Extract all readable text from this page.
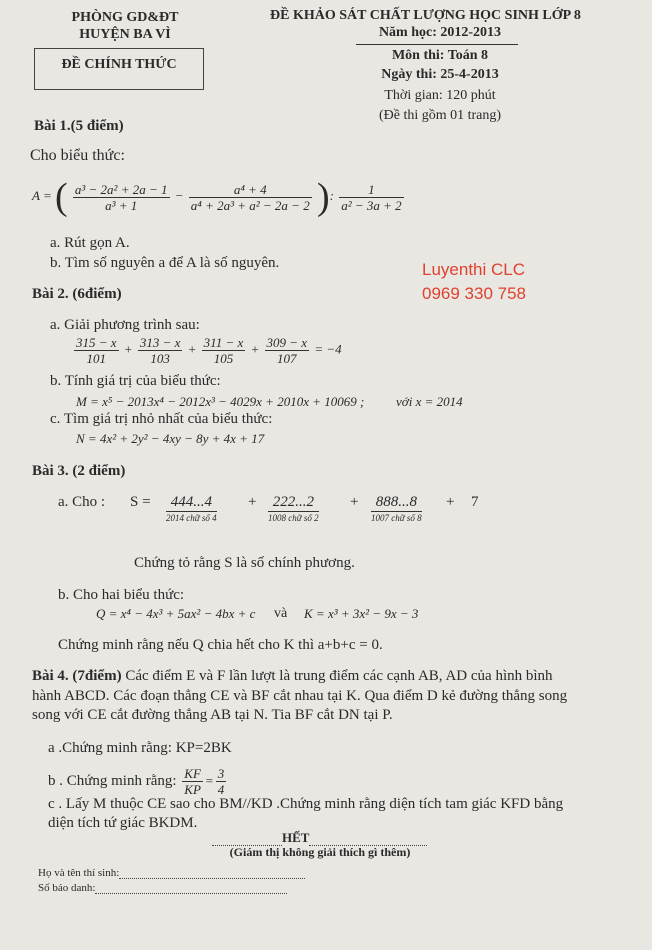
PHÒNG GD&ĐT
HUYỆN BA VÌ
ĐỀ CHÍNH THỨC
ĐỀ KHẢO SÁT CHẤT LƯỢNG HỌC SINH LỚP 8
Năm học: 2012-2013
Môn thi: Toán 8
Ngày thi: 25-4-2013
Thời gian: 120 phút
(Đề thi gồm 01 trang)
Bài 1.(5 điểm)
Cho biểu thức:
A = ( $\frac{\text{a³ − 2a² + 2a − 1}}{\text{a³ + 1}} - \frac{\text{a⁴ + 4}}{\text{a⁴ + 2a³ + a² − 2a − 2}}$ ): $\frac{1}{\text{a² − 3a + 2}}$
a. Rút gọn A.
b. Tìm số nguyên a để A là số nguyên.	Luyenthi CLC
0969 330 758
Bài 2. (6điểm)
a. Giải phương trình sau:
$\frac{315 - x}{101} + \frac{313 - x}{103} + \frac{311 - x}{105} + \frac{309 - x}{107} = -4$
b. Tính giá trị của biểu thức:
M = x⁵ − 2013x⁴ − 2012x³ − 4029x + 2010x + 10069 ; với x = 2014
c. Tìm giá trị nhỏ nhất của biểu thức:
N = 4x² + 2y² − 4xy − 8y + 4x + 17
Bài 3. (2 điểm)
a. Cho : S =	444...4
2014 chữ số 4
+	222...2
1008 chữ số 2
+	888...8
1007 chữ số 8
+ 7
Chứng tỏ rằng S là số chính phương.
b. Cho hai biểu thức:
Q = x⁴ − 4x³ + 5ax² − 4bx + c và K = x³ + 3x² − 9x − 3
Chứng minh rằng nếu Q chia hết cho K thì a+b+c = 0.
Bài 4. (7điểm) Các điểm E và F lần lượt là trung điểm các cạnh AB, AD của hình bình
hành ABCD. Các đoạn thẳng CE và BF cắt nhau tại K. Qua điểm D kẻ đường thẳng song
song với CE cắt đường thẳng AB tại N. Tia BF cắt DN tại P.
a .Chứng minh rằng: KP=2BK
b . Chứng minh rằng: $\frac{KF}{KP} = \frac{3}{4}$
c . Lấy M thuộc CE sao cho BM//KD .Chứng minh rằng diện tích tam giác KFD bằng
diện tích tứ giác BKDM.
HẾT
(Giám thị không giải thích gì thêm)
Họ và tên thí sinh:
Số báo danh:
